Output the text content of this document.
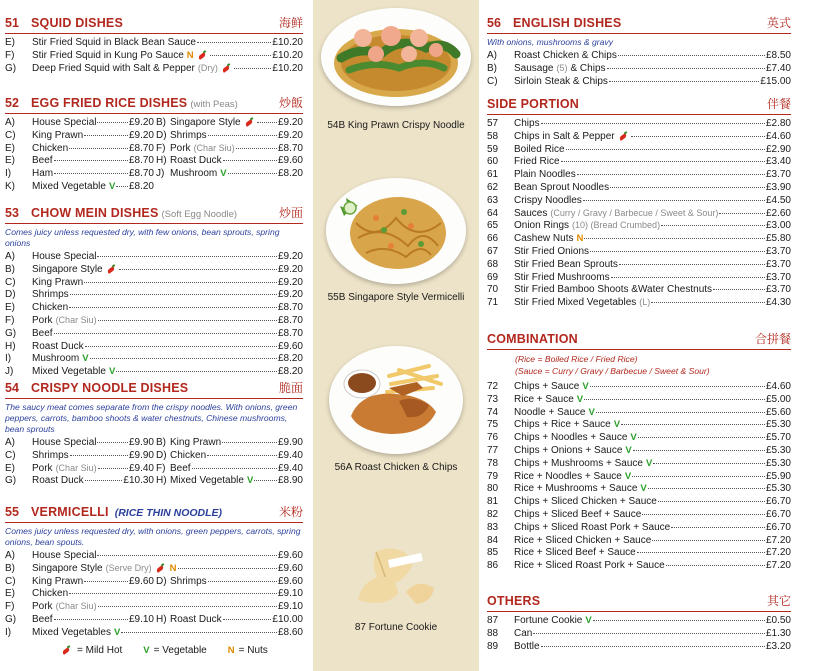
51 SQUID DISHES	海鲜
E)	Stir Fried Squid in Black Bean Sauce	£10.20
F)	Stir Fried Squid in Kung Po Sauce N	£10.20
G)	Deep Fried Squid with Salt & Pepper (Dry)	£10.20
52 EGG FRIED RICE DISHES (with Peas)	炒飯
A)	House Special	£9.20 B) Singapore Style	£9.20
C)	King Prawn	£9.20 D) Shrimps	£9.20
E)	Chicken	£8.70 F) Pork (Char Siu)	£8.70
E)	Beef	£8.70 H) Roast Duck	£9.60
I)	Ham	£8.70 J) Mushroom V	£8.20
K)	Mixed Vegetable V £8.20
53 CHOW MEIN DISHES (Soft Egg Noodle)	炒面
Comes juicy unless requested dry, with few onions, bean sprouts, spring onions
A)	House Special	£9.20
B)	Singapore Style	£9.20
C)	King Prawn	£9.20
D)	Shrimps	£9.20
E)	Chicken	£8.70
F)	Pork (Char Siu)	£8.70
G)	Beef	£8.70
H)	Roast Duck	£9.60
I)	Mushroom V	£8.20
J)	Mixed Vegetable V	£8.20
54 CRISPY NOODLE DISHES	脆面
The saucy meat comes separate from the crispy noodles. With onions, green peppers, carrots, bamboo shoots & water chestnuts, Chinese mushrooms, bean sprouts
A)	House Special	£9.90 B) King Prawn	£9.90
C)	Shrimps	£9.90 D) Chicken	£9.40
E)	Pork (Char Siu)	£9.40 F) Beef	£9.40
G)	Roast Duck	£10.30 H) Mixed Vegetable V £8.90
55 VERMICELLI (RICE THIN NOODLE)	米粉
Comes juicy unless requested dry, with onions, green peppers, carrots, spring onions, bean spouts.
A)	House Special	£9.60
B)	Singapore Style (Serve Dry) N	£9.60
C)	King Prawn	£9.60 D) Shrimps	£9.60
E)	Chicken	£9.10
F)	Pork (Char Siu)	£9.10
G)	Beef	£9.10 H) Roast Duck	£10.00
I)	Mixed Vegetables V	£8.60
= Mild Hot V = Vegetable N = Nuts
54B King Prawn Crispy Noodle
55B Singapore Style Vermicelli
56A Roast Chicken & Chips
87 Fortune Cookie
56 ENGLISH DISHES	英式
With onions, mushrooms & gravy
A)	Roast Chicken & Chips	£8.50
B)	Sausage (5) & Chips	£7.40
C)	Sirloin Steak & Chips	£15.00
SIDE PORTION	伴餐
57	Chips	£2.80
58	Chips in Salt & Pepper	£4.60
59	Boiled Rice	£2.90
60	Fried Rice	£3.40
61	Plain Noodles	£3.70
62	Bean Sprout Noodles	£3.90
63	Crispy Noodles	£4.50
64	Sauces (Curry / Gravy / Barbecue / Sweet & Sour)	£2.60
65	Onion Rings (10) (Bread Crumbed)	£3.00
66	Cashew Nuts N	£5.80
67	Stir Fried Onions	£3.70
68	Stir Fried Bean Sprouts	£3.70
69	Stir Fried Mushrooms	£3.70
70	Stir Fried Bamboo Shoots &Water Chestnuts	£3.70
71	Stir Fried Mixed Vegetables (L)	£4.30
COMBINATION	合拼餐
(Rice = Boiled Rice / Fried Rice)
(Sauce = Curry / Gravy / Barbecue / Sweet & Sour)
72	Chips + Sauce V	£4.60
73	Rice + Sauce V	£5.00
74	Noodle + Sauce V	£5.60
75	Chips + Rice + Sauce V	£5.30
76	Chips + Noodles + Sauce V	£5.70
77	Chips + Onions + Sauce V	£5.30
78	Chips + Mushrooms + Sauce V	£5.30
79	Rice + Noodles + Sauce V	£5.90
80	Rice + Mushrooms + Sauce V	£5.30
81	Chips + Sliced Chicken + Sauce	£6.70
82	Chips + Sliced Beef + Sauce	£6.70
83	Chips + Sliced Roast Pork + Sauce	£6.70
84	Rice + Sliced Chicken + Sauce	£7.20
85	Rice + Sliced Beef + Sauce	£7.20
86	Rice + Sliced Roast Pork + Sauce	£7.20
OTHERS	其它
87	Fortune Cookie V	£0.50
88	Can	£1.30
89	Bottle	£3.20
